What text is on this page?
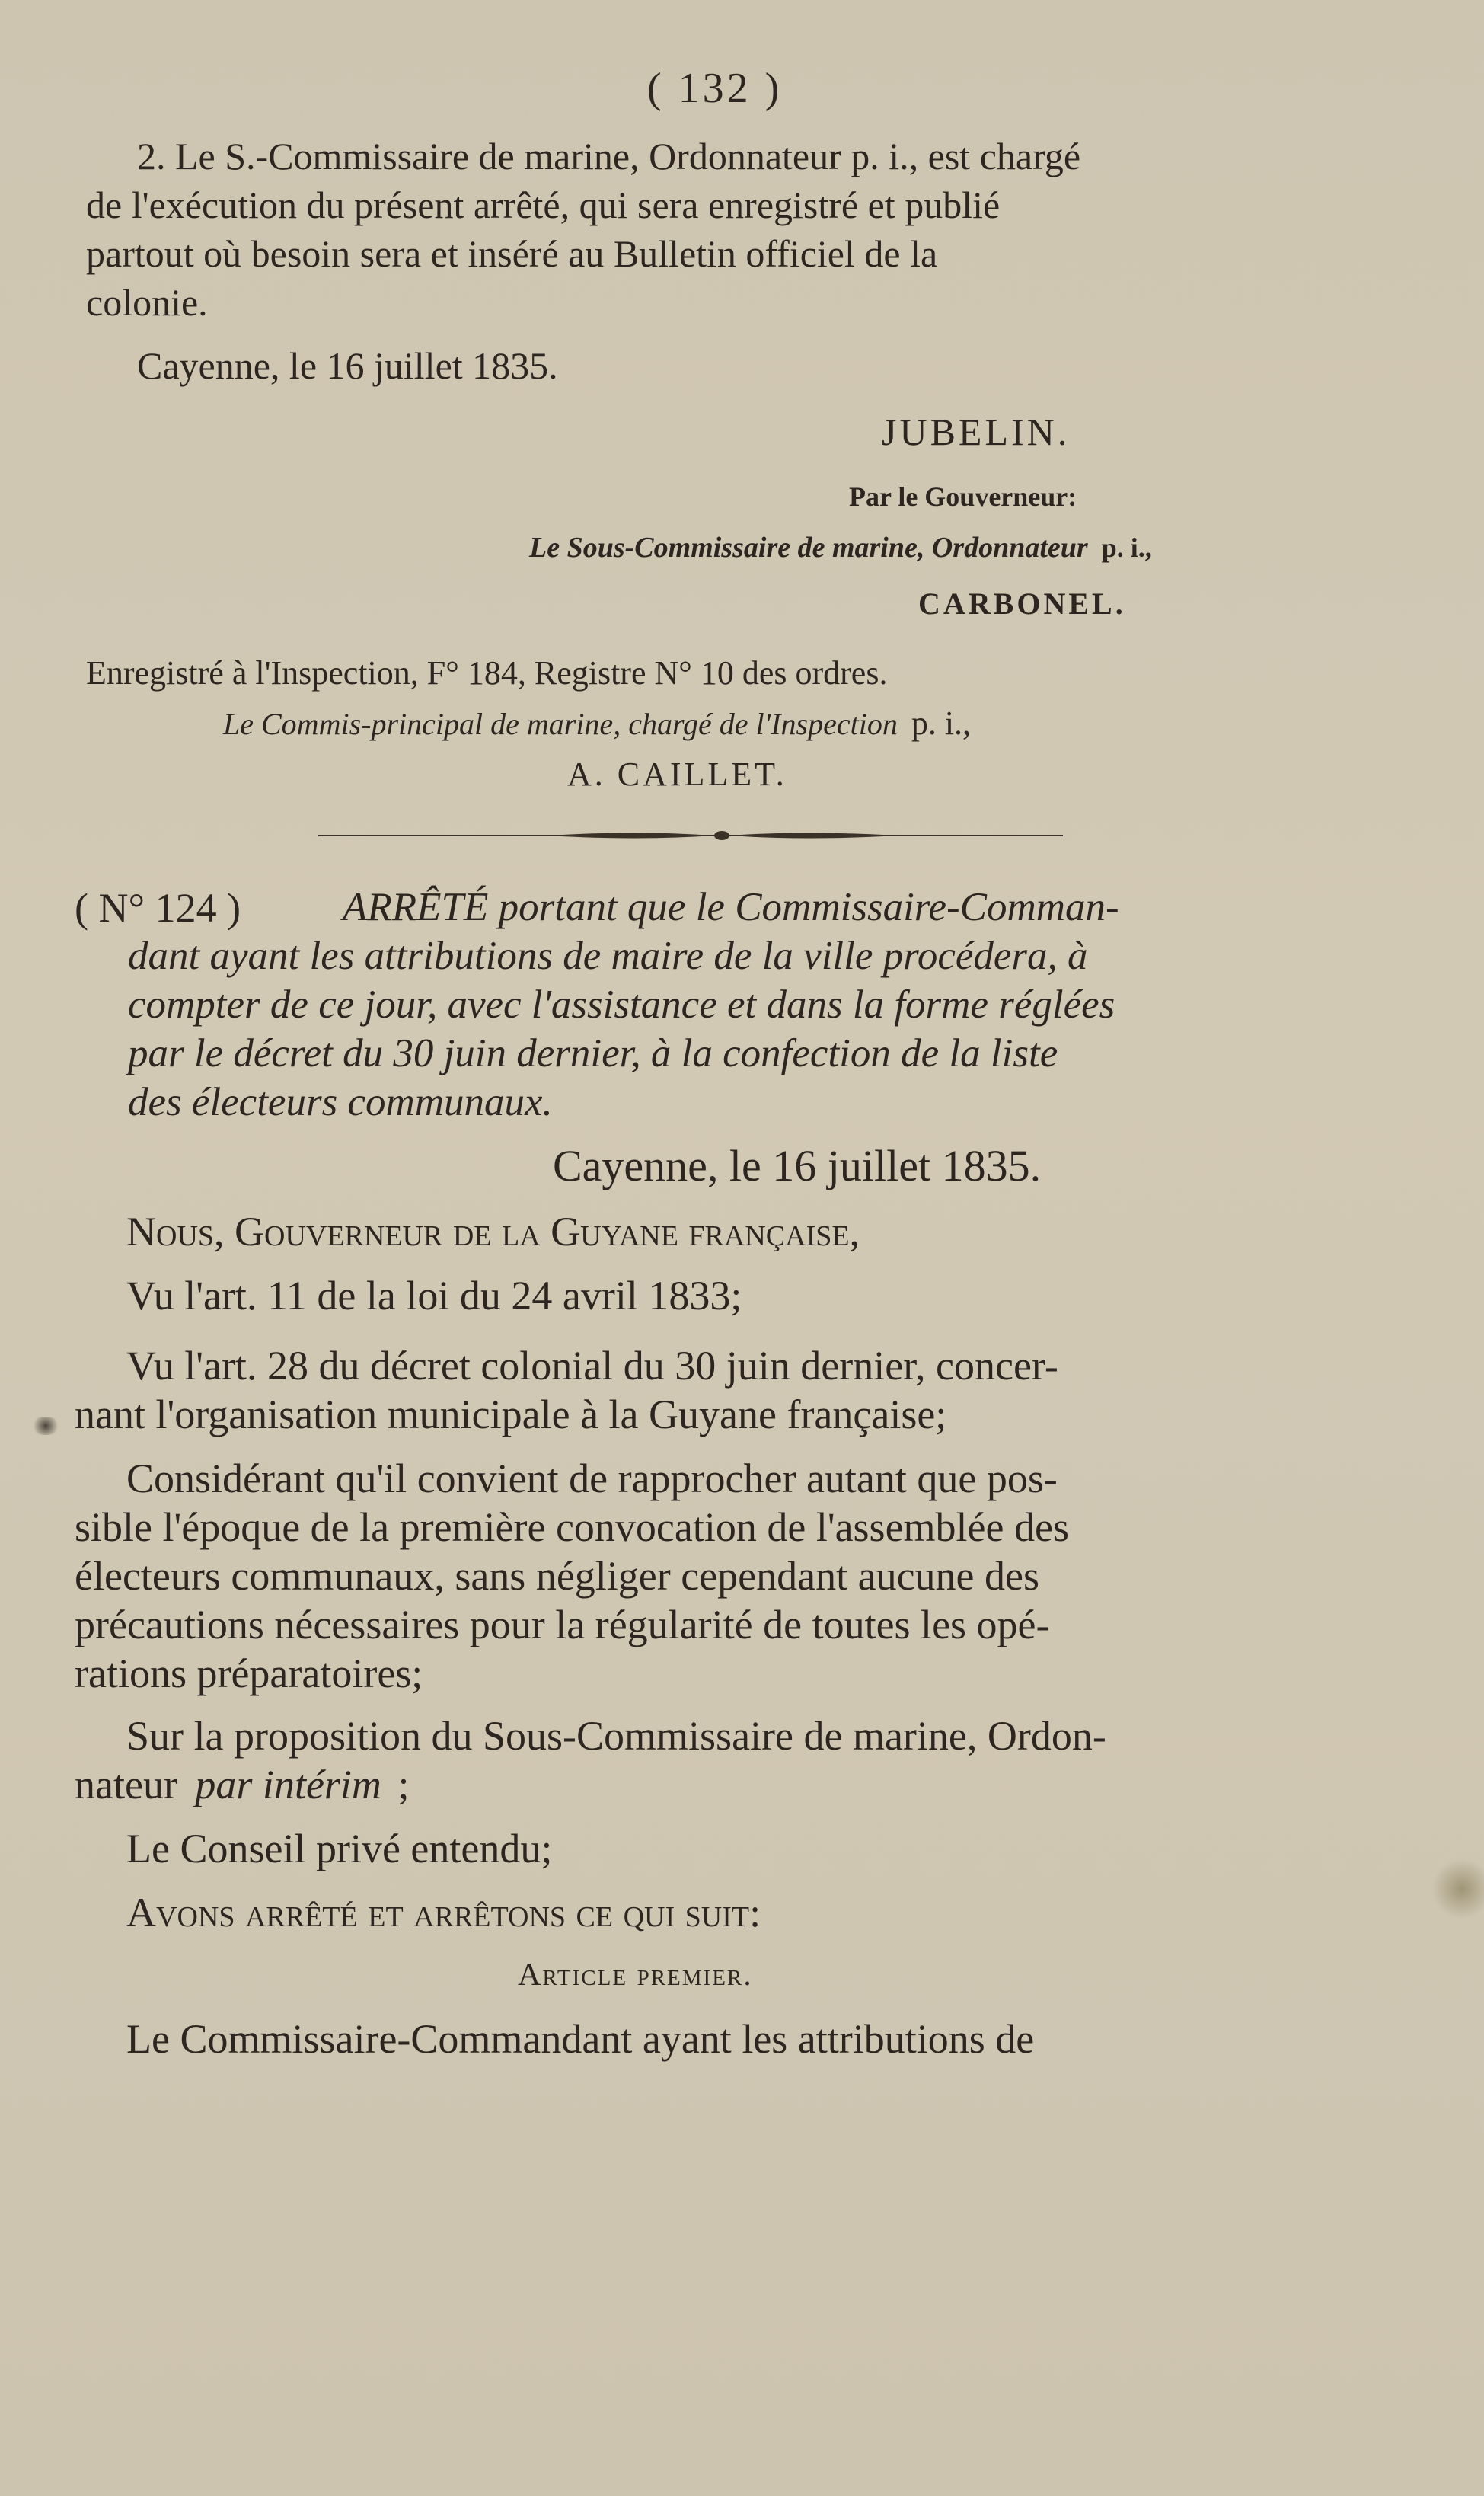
( 132 )
2. Le S.-Commissaire de marine, Ordonnateur p. i., est chargé
de l'exécution du présent arrêté, qui sera enregistré et publié
partout où besoin sera et inséré au Bulletin officiel de la
colonie.
Cayenne, le 16 juillet 1835.
JUBELIN.
Par le Gouverneur:
Le Sous-Commissaire de marine, Ordonnateur p. i.,
CARBONEL.
Enregistré à l'Inspection, F° 184, Registre N° 10 des ordres.
Le Commis-principal de marine, chargé de l'Inspection p. i.,
A. CAILLET.
( N° 124 )	ARRÊTÉ portant que le Commissaire-Comman-
dant ayant les attributions de maire de la ville procédera, à
compter de ce jour, avec l'assistance et dans la forme réglées
par le décret du 30 juin dernier, à la confection de la liste
des électeurs communaux.
Cayenne, le 16 juillet 1835.
Nous, Gouverneur de la Guyane française,
Vu l'art. 11 de la loi du 24 avril 1833;
Vu l'art. 28 du décret colonial du 30 juin dernier, concer-
nant l'organisation municipale à la Guyane française;
Considérant qu'il convient de rapprocher autant que pos-
sible l'époque de la première convocation de l'assemblée des
électeurs communaux, sans négliger cependant aucune des
précautions nécessaires pour la régularité de toutes les opé-
rations préparatoires;
Sur la proposition du Sous-Commissaire de marine, Ordon-
nateur par intérim ;
Le Conseil privé entendu;
Avons arrêté et arrêtons ce qui suit:
Article premier.
Le Commissaire-Commandant ayant les attributions de
